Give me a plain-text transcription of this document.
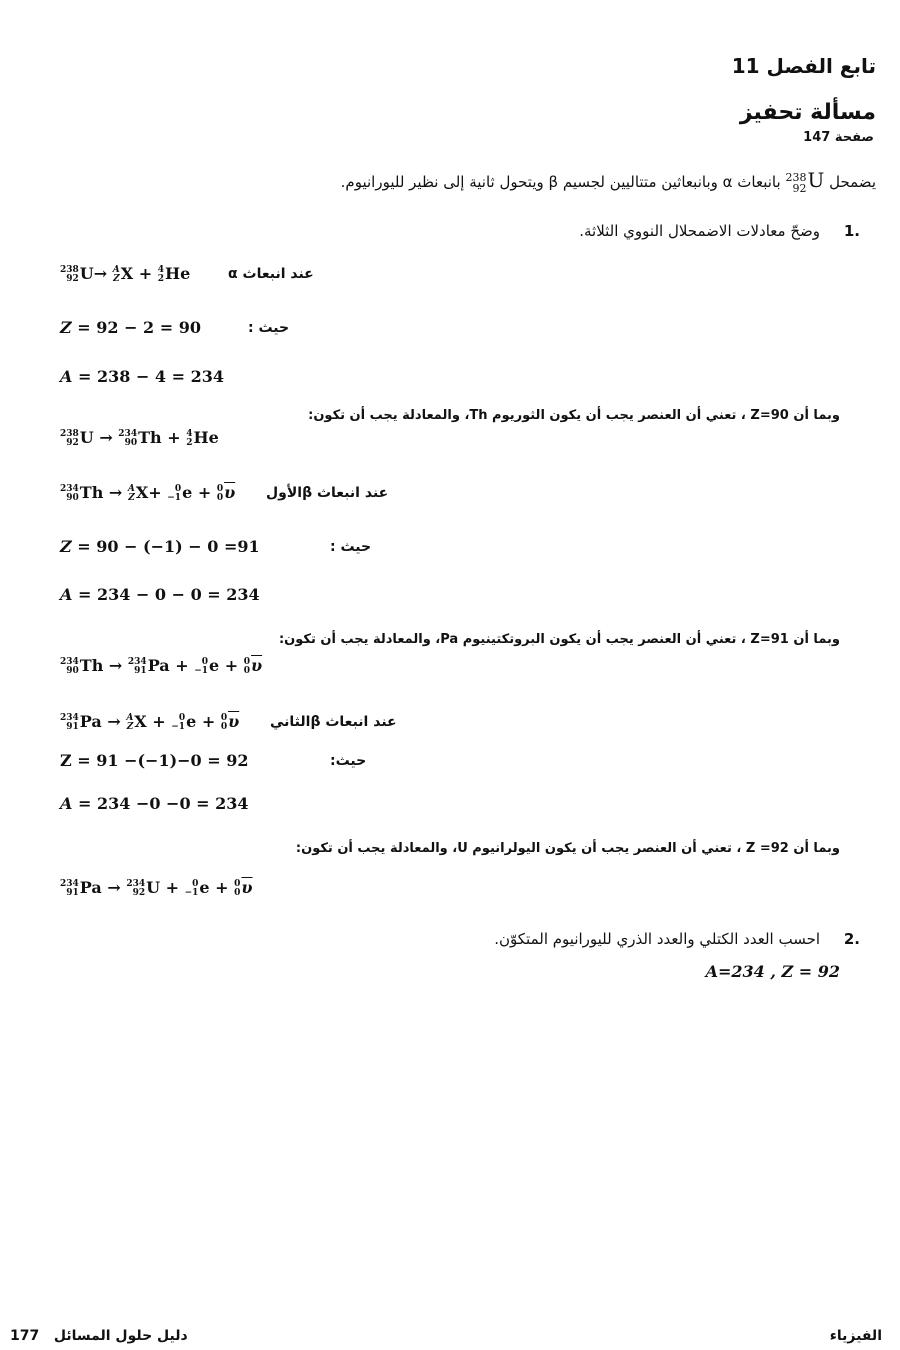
تابع الفصل 11
مسألة تحفيز
صفحة 147
يضمحل
238
92 U بانبعاث α وبانبعاثين متتاليين لجسيم β ويتحول ثانية إلى نظير لليورانيوم.
.1     وضحّ معادلات الاضمحلال النووي الثلاثة.
238
92 U→ A
Z X + 4
2 He	عند انبعاث α
Z = 92 − 2 = 90	حيث :
A = 238 − 4 = 234
وبما أن Z=90 ، تعني أن العنصر يجب أن يكون الثوريوم Th، والمعادلة يجب أن تكون:
238
92 U → 234
90 Th + 4
2 He
234
90 Th → A
Z X+ 0
−1 e + 0
0 $\overline{\upsilon}$ عند انبعاث βالأول
Z = 90 − (−1) − 0 =91	حيث :
A = 234 − 0 − 0 = 234
وبما أن Z=91 ، تعني أن العنصر يجب أن يكون البروتكتينيوم Pa، والمعادلة يجب أن تكون:
234
90 Th → 234
91 Pa + 0
−1 e + 0
0 $\overline{\upsilon}$
234
91 Pa → A
Z X + 0
−1 e + 0
0 $\overline{\upsilon}$ عند انبعاث βالثاني
Z = 91 −(−1)−0 = 92	حيث:
A = 234 −0 −0 = 234
وبما أن Z =92 ، تعني أن العنصر يجب أن يكون اليولرانيوم U، والمعادلة يجب أن تكون:
234
91 Pa → 234
92 U + 0
−1 e + 0
0 $\overline{\upsilon}$
.2     احسب العدد الكتلي والعدد الذري لليورانيوم المتكوّن.
A=234 , Z = 92
الفيزياء
177 دليل حلول المسائل
